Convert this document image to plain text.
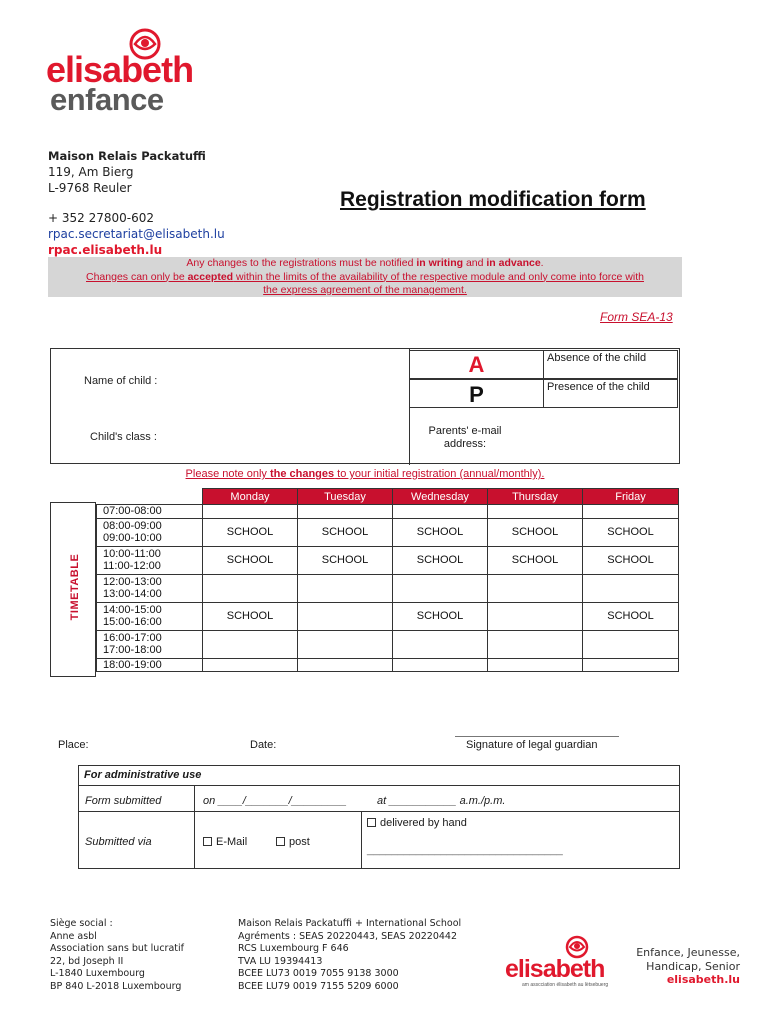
elisabeth
enfance
Maison Relais Packatuffi
119, Am Bierg
L-9768 Reuler
+ 352 27800-602
rpac.secretariat@elisabeth.lu
rpac.elisabeth.lu
Registration modification form
Any changes to the registrations must be notified in writing and in advance.
Changes can only be accepted within the limits of the availability of the respective module and only come into force with
the express agreement of the management.
Form SEA-13
Name of child :
Child's class :
A
P
Absence of the child
Presence of the child
Parents' e-mail
address:
Please note only the changes to your initial registration (annual/monthly).
TIMETABLE
	Monday	Tuesday	Wednesday	Thursday	Friday

07:00-08:00					

08:00-09:00
09:00-10:00	SCHOOL	SCHOOL	SCHOOL	SCHOOL	SCHOOL

10:00-11:00
11:00-12:00	SCHOOL	SCHOOL	SCHOOL	SCHOOL	SCHOOL

12:00-13:00
13:00-14:00					

14:00-15:00
15:00-16:00	SCHOOL		SCHOOL		SCHOOL

16:00-17:00
17:00-18:00					

18:00-19:00					

Place:	Date:	Signature of legal guardian
For administrative use
Form submitted	on ____/_______/_________	at ___________ a.m./p.m.
Submitted via	E-Mail	post
delivered by hand
________________________________
Siège social :
Anne asbl
Association sans but lucratif
22, bd Joseph II
L-1840 Luxembourg
BP 840 L-2018 Luxembourg
Maison Relais Packatuffi + International School
Agréments : SEAS 20220443, SEAS 20220442
RCS Luxembourg F 646
TVA LU 19394413
BCEE LU73 0019 7055 9138 3000
BCEE LU79 0019 7155 5209 6000
elisabeth
am asscciation élisabeth au lëtsebuerg
Enfance, Jeunesse,
Handicap, Senior
elisabeth.lu
